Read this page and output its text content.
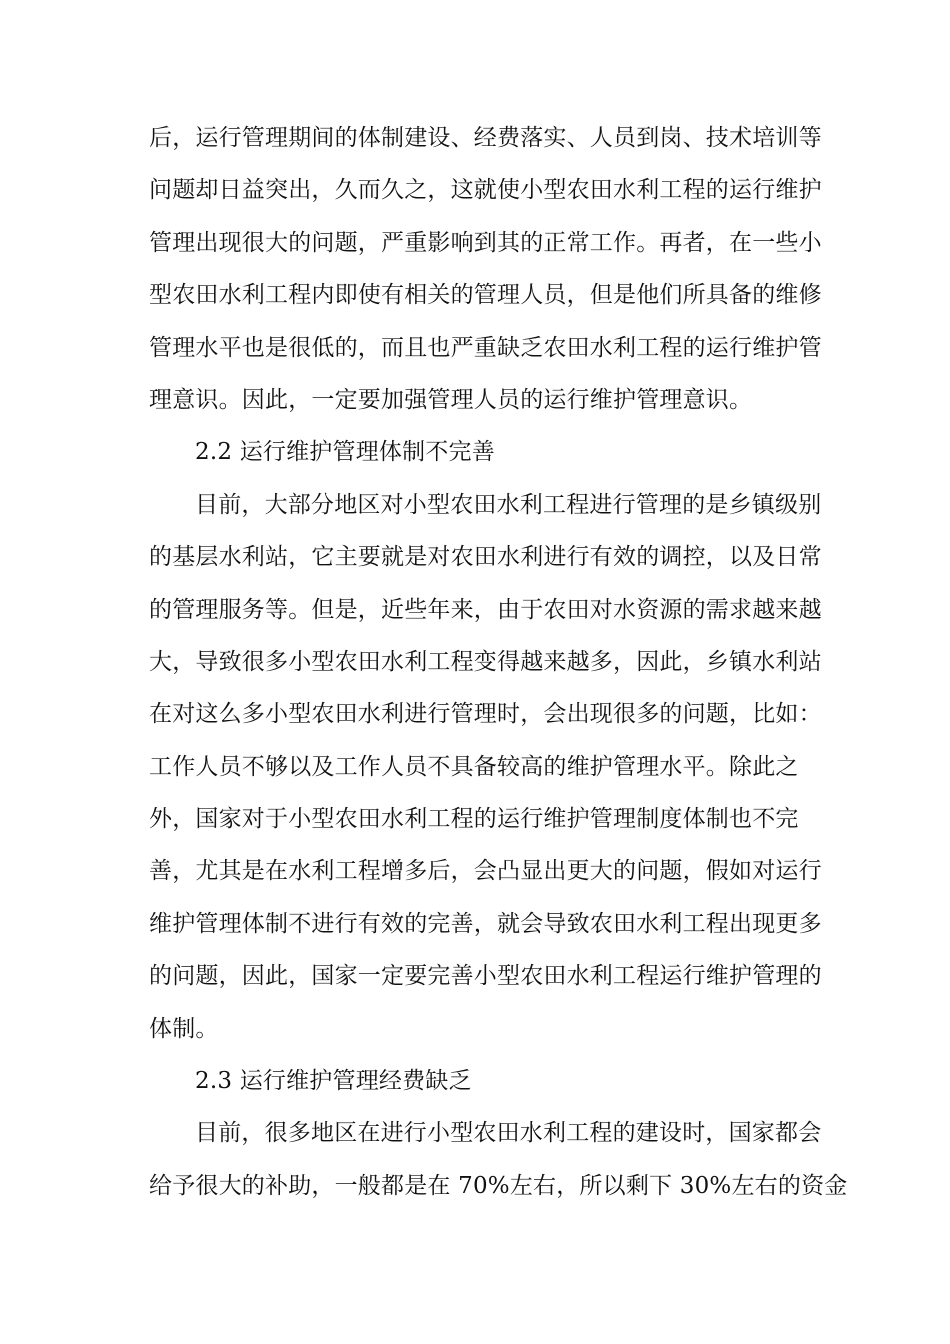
后，运行管理期间的体制建设、经费落实、人员到岗、技术培训等
问题却日益突出，久而久之，这就使小型农田水利工程的运行维护
管理出现很大的问题，严重影响到其的正常工作。再者，在一些小
型农田水利工程内即使有相关的管理人员，但是他们所具备的维修
管理水平也是很低的，而且也严重缺乏农田水利工程的运行维护管
理意识。因此，一定要加强管理人员的运行维护管理意识。
2.2 运行维护管理体制不完善
目前，大部分地区对小型农田水利工程进行管理的是乡镇级别
的基层水利站，它主要就是对农田水利进行有效的调控，以及日常
的管理服务等。但是，近些年来，由于农田对水资源的需求越来越
大，导致很多小型农田水利工程变得越来越多，因此，乡镇水利站
在对这么多小型农田水利进行管理时，会出现很多的问题，比如：
工作人员不够以及工作人员不具备较高的维护管理水平。除此之
外，国家对于小型农田水利工程的运行维护管理制度体制也不完
善，尤其是在水利工程增多后，会凸显出更大的问题，假如对运行
维护管理体制不进行有效的完善，就会导致农田水利工程出现更多
的问题，因此，国家一定要完善小型农田水利工程运行维护管理的
体制。
2.3 运行维护管理经费缺乏
目前，很多地区在进行小型农田水利工程的建设时，国家都会
给予很大的补助，一般都是在 70%左右，所以剩下 30%左右的资金
